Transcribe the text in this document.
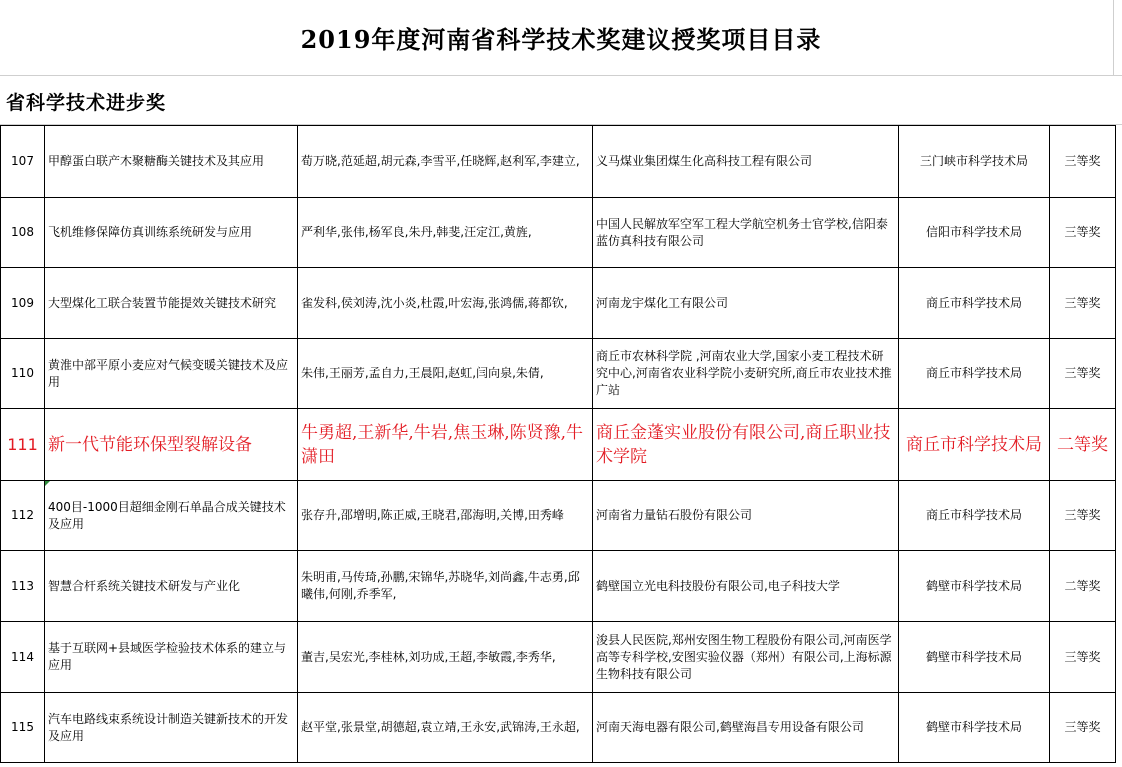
2019年度河南省科学技术奖建议授奖项目目录
省科学技术进步奖
107	甲醇蛋白联产木聚糖酶关键技术及其应用	荀万晓,范延超,胡元森,李雪平,任晓辉,赵利军,李建立,	义马煤业集团煤生化高科技工程有限公司	三门峡市科学技术局	三等奖
108	飞机维修保障仿真训练系统研发与应用	严利华,张伟,杨军良,朱丹,韩斐,汪定江,黄旌,	中国人民解放军空军工程大学航空机务士官学校,信阳泰蓝仿真科技有限公司	信阳市科学技术局	三等奖
109	大型煤化工联合装置节能提效关键技术研究	雀发科,侯刘涛,沈小炎,杜霞,叶宏海,张鸿儒,蒋都钦,	河南龙宇煤化工有限公司	商丘市科学技术局	三等奖
110	黄淮中部平原小麦应对气候变暖关键技术及应用	朱伟,王丽芳,孟自力,王晨阳,赵虹,闫向泉,朱倩,	商丘市农林科学院 ,河南农业大学,国家小麦工程技术研究中心,河南省农业科学院小麦研究所,商丘市农业技术推广站	商丘市科学技术局	三等奖
111	新一代节能环保型裂解设备	牛勇超,王新华,牛岩,焦玉琳,陈贤豫,牛潇田	商丘金蓬实业股份有限公司,商丘职业技术学院	商丘市科学技术局	二等奖
112	400目-1000目超细金刚石单晶合成关键技术及应用	张存升,邵增明,陈正威,王晓君,邵海明,关博,田秀峰	河南省力量钻石股份有限公司	商丘市科学技术局	三等奖
113	智慧合杆系统关键技术研发与产业化	朱明甫,马传琦,孙鹏,宋锦华,苏晓华,刘尚鑫,牛志勇,邱曦伟,何刚,乔季军,	鹤壁国立光电科技股份有限公司,电子科技大学	鹤壁市科学技术局	二等奖
114	基于互联网+县域医学检验技术体系的建立与应用	董吉,吴宏光,李桂林,刘功成,王超,李敏霞,李秀华,	浚县人民医院,郑州安图生物工程股份有限公司,河南医学高等专科学校,安图实验仪器（郑州）有限公司,上海标源生物科技有限公司	鹤壁市科学技术局	三等奖
115	汽车电路线束系统设计制造关键新技术的开发及应用	赵平堂,张景堂,胡德超,袁立靖,王永安,武锦涛,王永超,	河南天海电器有限公司,鹤壁海昌专用设备有限公司	鹤壁市科学技术局	三等奖
